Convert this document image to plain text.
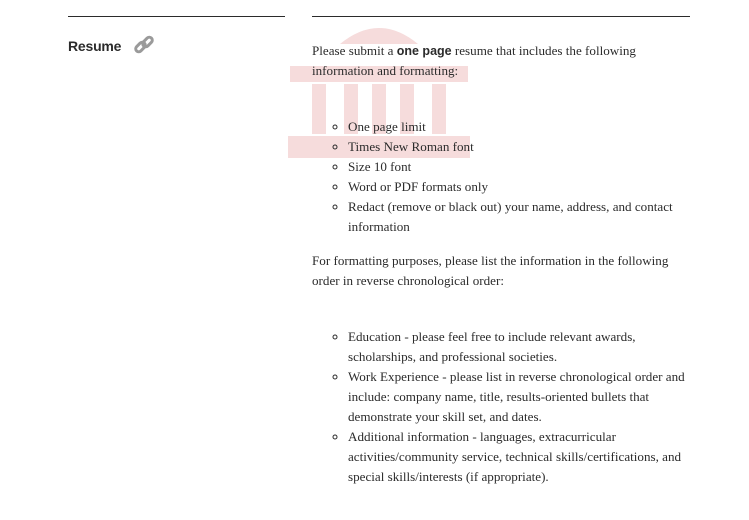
Resume	Please submit a one page resume that includes the following information and formatting:

◦ One page limit
◦ Times New Roman font
◦ Size 10 font
◦ Word or PDF formats only
◦ Redact (remove or black out) your name, address, and contact information

For formatting purposes, please list the information in the following order in reverse chronological order:

◦ Education - please feel free to include relevant awards, scholarships, and professional societies.
◦ Work Experience - please list in reverse chronological order and include: company name, title, results-oriented bullets that demonstrate your skill set, and dates.
◦ Additional information - languages, extracurricular activities/community service, technical skills/certifications, and special skills/interests (if appropriate).
